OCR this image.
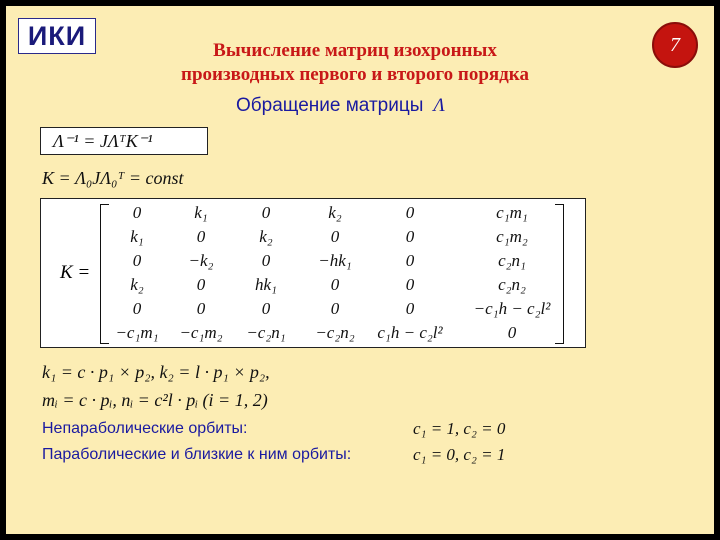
ИКИ	7
Вычисление матриц изохронных
производных первого и второго порядка
Обращение матрицы Λ
Λ⁻¹ = JΛᵀK⁻¹
K = Λ₀JΛ₀ᵀ = const
K =
0	k₁	0	k₂	0	c₁m₁
k₁	0	k₂	0	0	c₁m₂
0	−k₂	0	−hk₁	0	c₂n₁
k₂	0	hk₁	0	0	c₂n₂
0	0	0	0	0	−c₁h − c₂l²
−c₁m₁	−c₁m₂	−c₂n₁	−c₂n₂	c₁h − c₂l²	0
k₁ = c · p₁ × p₂, k₂ = l · p₁ × p₂,
mᵢ = c · pᵢ, nᵢ = c²l · pᵢ (i = 1, 2)
Непараболические орбиты:	c₁ = 1, c₂ = 0
Параболические и близкие к ним орбиты:	c₁ = 0, c₂ = 1
